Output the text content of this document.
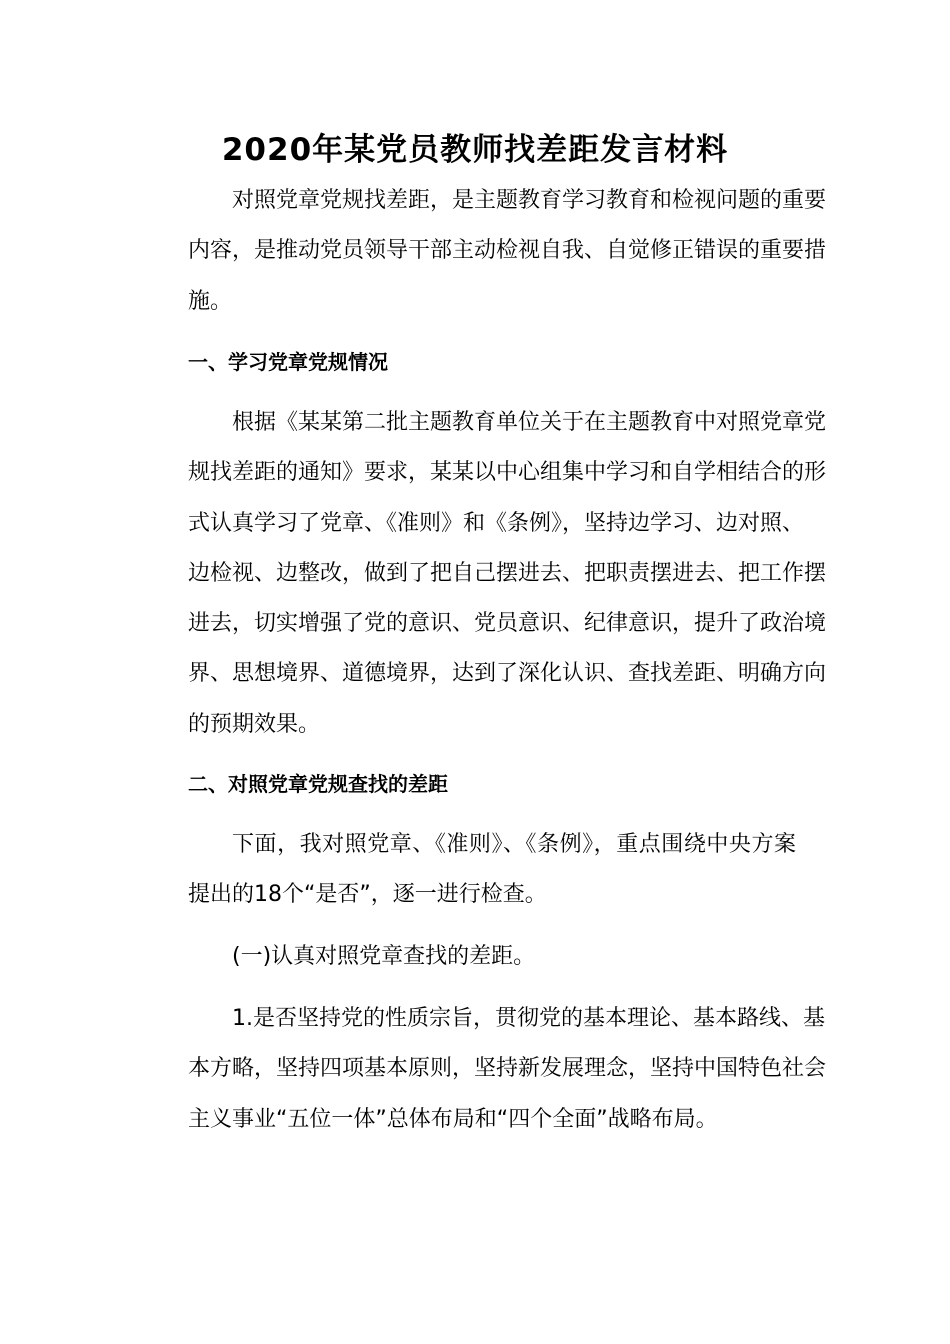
2020年某党员教师找差距发言材料
对照党章党规找差距，是主题教育学习教育和检视问题的重要
内容，是推动党员领导干部主动检视自我、自觉修正错误的重要措
施。
一、学习党章党规情况
根据《某某第二批主题教育单位关于在主题教育中对照党章党
规找差距的通知》要求，某某以中心组集中学习和自学相结合的形
式认真学习了党章、《准则》和《条例》，坚持边学习、边对照、
边检视、边整改，做到了把自己摆进去、把职责摆进去、把工作摆
进去，切实增强了党的意识、党员意识、纪律意识，提升了政治境
界、思想境界、道德境界，达到了深化认识、查找差距、明确方向
的预期效果。
二、对照党章党规查找的差距
下面，我对照党章、《准则》、《条例》，重点围绕中央方案
提出的18个“是否”，逐一进行检查。
(一)认真对照党章查找的差距。
1.是否坚持党的性质宗旨，贯彻党的基本理论、基本路线、基
本方略，坚持四项基本原则，坚持新发展理念，坚持中国特色社会
主义事业“五位一体”总体布局和“四个全面”战略布局。
